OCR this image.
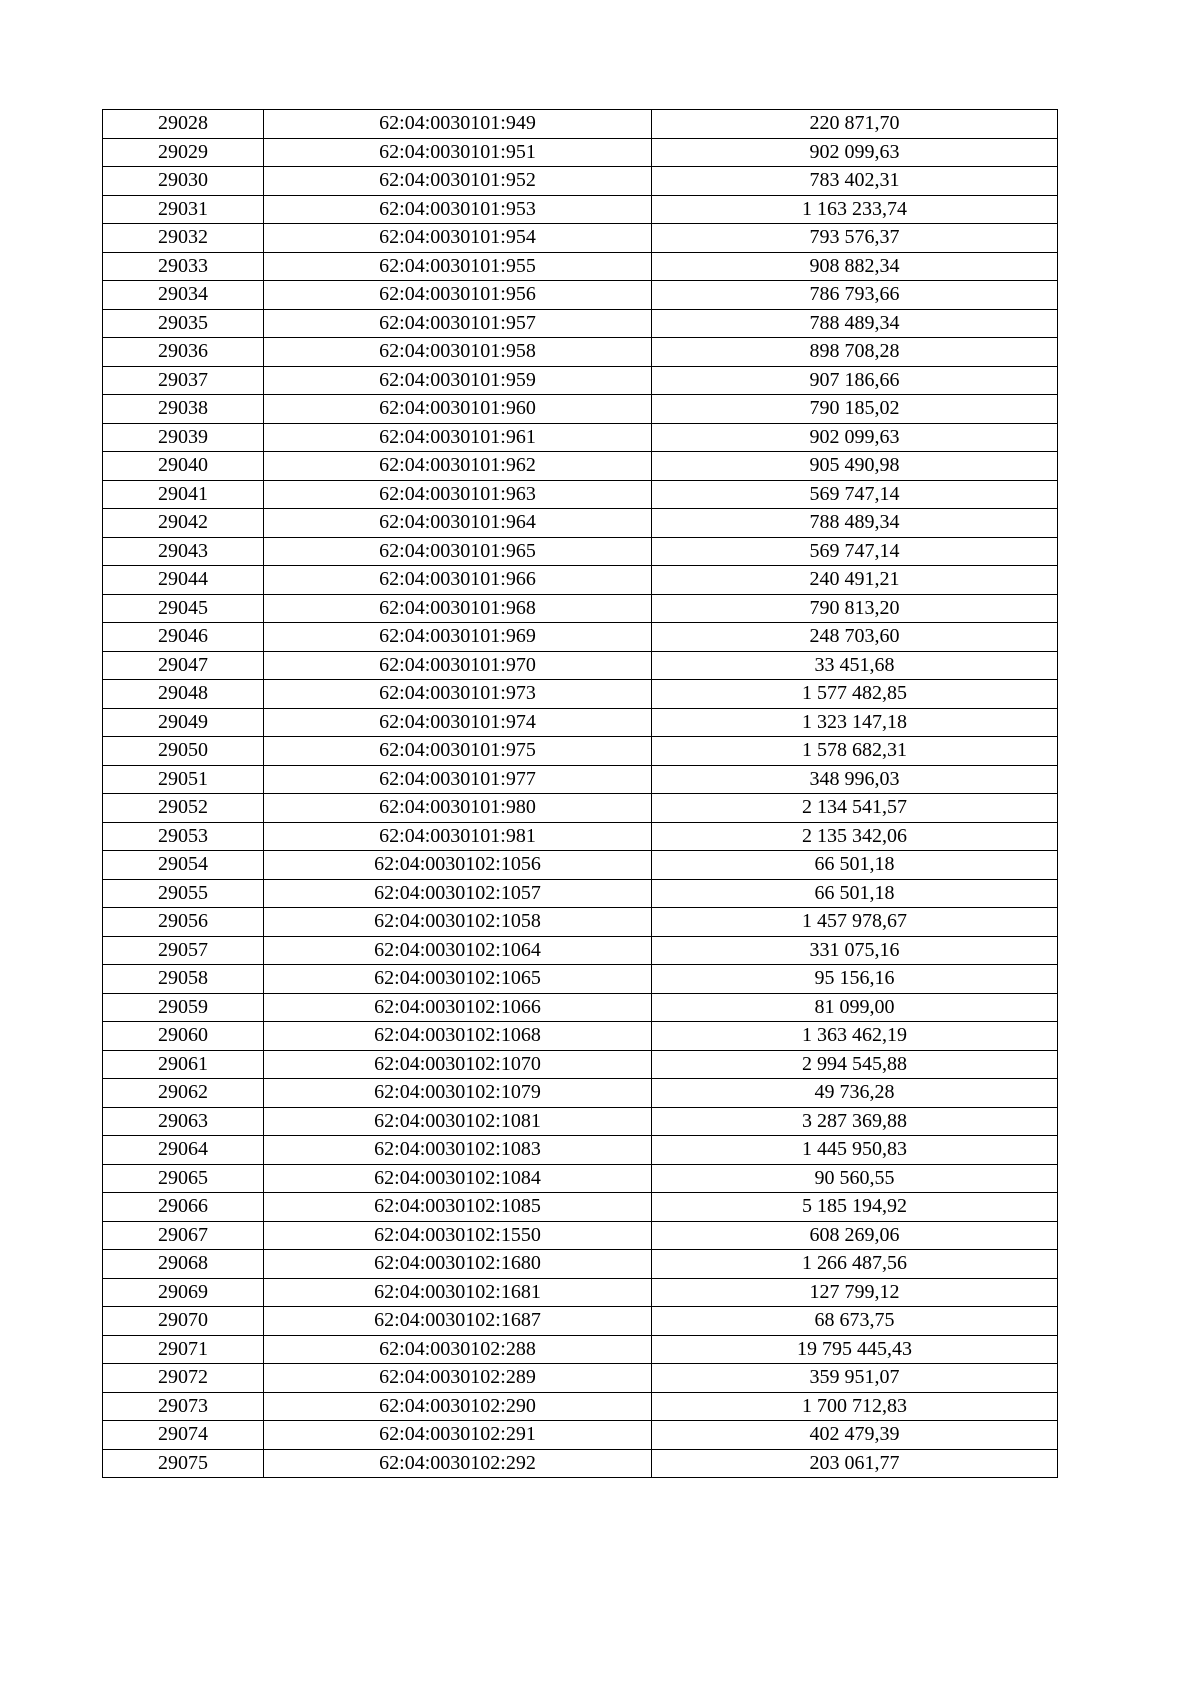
29028	62:04:0030101:949	220 871,70
29029	62:04:0030101:951	902 099,63
29030	62:04:0030101:952	783 402,31
29031	62:04:0030101:953	1 163 233,74
29032	62:04:0030101:954	793 576,37
29033	62:04:0030101:955	908 882,34
29034	62:04:0030101:956	786 793,66
29035	62:04:0030101:957	788 489,34
29036	62:04:0030101:958	898 708,28
29037	62:04:0030101:959	907 186,66
29038	62:04:0030101:960	790 185,02
29039	62:04:0030101:961	902 099,63
29040	62:04:0030101:962	905 490,98
29041	62:04:0030101:963	569 747,14
29042	62:04:0030101:964	788 489,34
29043	62:04:0030101:965	569 747,14
29044	62:04:0030101:966	240 491,21
29045	62:04:0030101:968	790 813,20
29046	62:04:0030101:969	248 703,60
29047	62:04:0030101:970	33 451,68
29048	62:04:0030101:973	1 577 482,85
29049	62:04:0030101:974	1 323 147,18
29050	62:04:0030101:975	1 578 682,31
29051	62:04:0030101:977	348 996,03
29052	62:04:0030101:980	2 134 541,57
29053	62:04:0030101:981	2 135 342,06
29054	62:04:0030102:1056	66 501,18
29055	62:04:0030102:1057	66 501,18
29056	62:04:0030102:1058	1 457 978,67
29057	62:04:0030102:1064	331 075,16
29058	62:04:0030102:1065	95 156,16
29059	62:04:0030102:1066	81 099,00
29060	62:04:0030102:1068	1 363 462,19
29061	62:04:0030102:1070	2 994 545,88
29062	62:04:0030102:1079	49 736,28
29063	62:04:0030102:1081	3 287 369,88
29064	62:04:0030102:1083	1 445 950,83
29065	62:04:0030102:1084	90 560,55
29066	62:04:0030102:1085	5 185 194,92
29067	62:04:0030102:1550	608 269,06
29068	62:04:0030102:1680	1 266 487,56
29069	62:04:0030102:1681	127 799,12
29070	62:04:0030102:1687	68 673,75
29071	62:04:0030102:288	19 795 445,43
29072	62:04:0030102:289	359 951,07
29073	62:04:0030102:290	1 700 712,83
29074	62:04:0030102:291	402 479,39
29075	62:04:0030102:292	203 061,77
